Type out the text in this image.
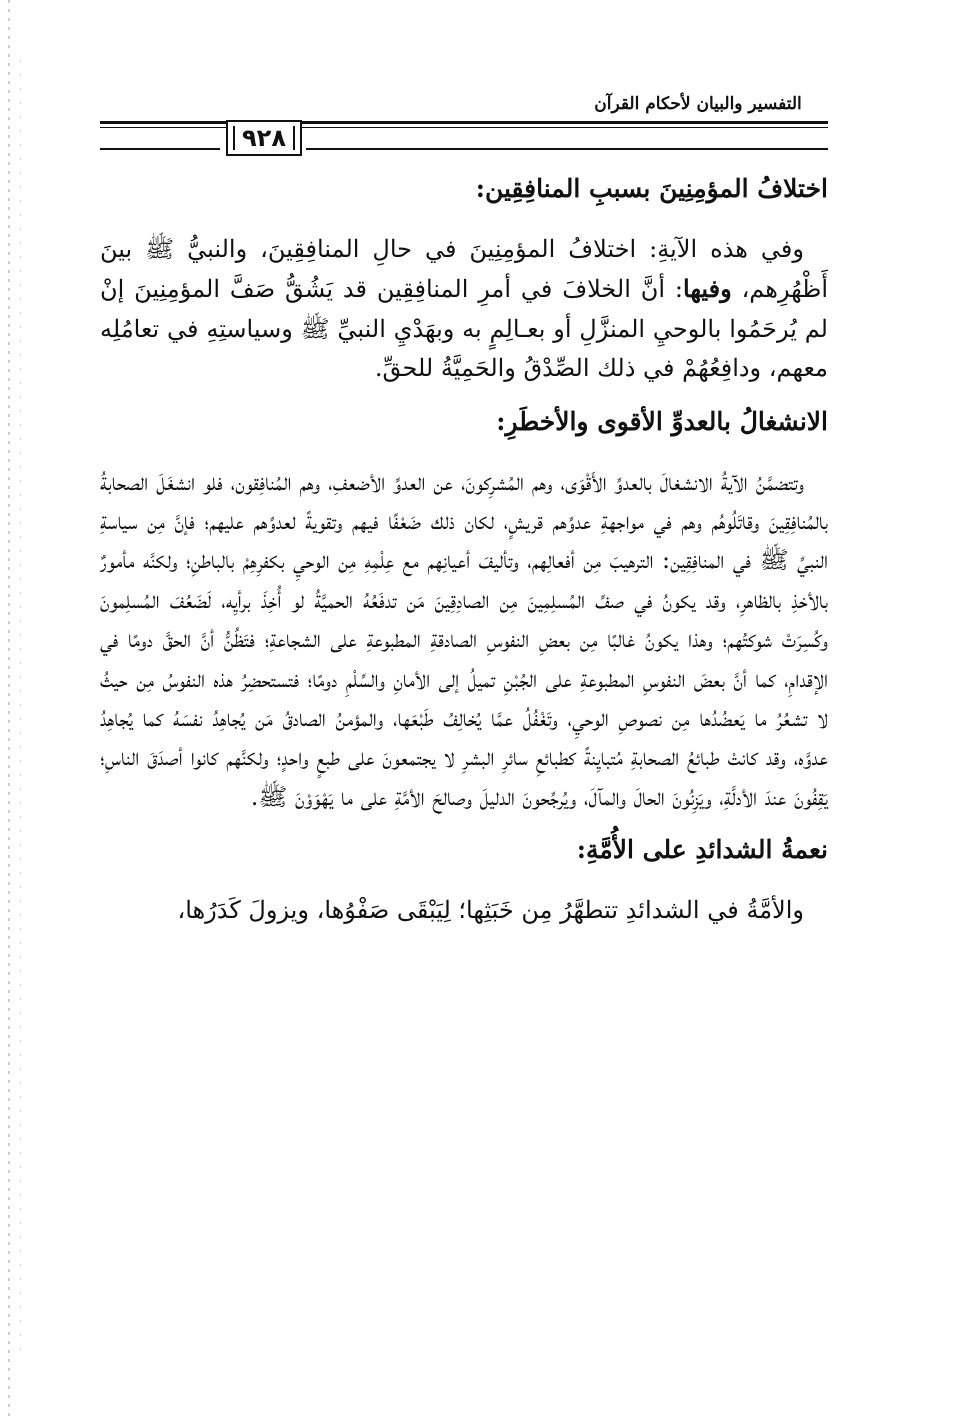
التفسير والبيان لأحكام القرآن
٩٢٨
اختلافُ المؤمِنِينَ بسببِ المنافِقِين:

وفي هذه الآيةِ: اختلافُ المؤمِنِينَ في حالِ المنافِقِينَ، والنبيُّ ﷺ بينَ أَظْهُرِهم، وفيها: أنَّ الخلافَ في أمرِ المنافِقِين قد يَشُقُّ صَفَّ المؤمِنِينَ إنْ لم يُرحَمُوا بالوحيِ المنزَّلِ أو بعـالِمٍ به وبهَدْيِ النبيِّ ﷺ وسياستِهِ في تعامُلِه معهم، ودافِعُهُمْ في ذلك الصِّدْقُ والحَمِيَّةُ للحقِّ.

الانشغالُ بالعدوِّ الأقوى والأخطَرِ:

وتتضمَّنُ الآيةُ الانشغالَ بالعدوِّ الأَقْوَى، وهم المُشرِكونَ، عن العدوِّ الأضعفِ، وهم المُنافِقون، فلو انشغَلَ الصحابةُ بالمُنافِقِينَ وقاتَلُوهُم وهم في مواجهةِ عدوِّهم قريشٍ، لكان ذلك ضَعْفًا فيهم وتقويةً لعدوِّهم عليهم؛ فإنَّ مِن سياسةِ النبيِّ ﷺ في المنافِقِين: الترهيبَ مِن أفعالِهم، وتأليفَ أعيانِهم مع عِلْمِهِ مِن الوحيِ بكفرِهِمْ بالباطنِ؛ ولكنَّه مأمورٌ بالأخذِ بالظاهرِ، وقد يكونُ في صفِّ المُسلِمِينَ مِن الصادِقِينَ مَن تدفَعُهُ الحميَّةُ لو أُخِذَ برأيِه، لَضَعُفَ المُسلِمونَ وكُسِرَتْ شوكتُهم؛ وهذا يكونُ غالبًا مِن بعضِ النفوسِ الصادقةِ المطبوعةِ على الشجاعةِ؛ فتَظُنُّ أنَّ الحقَّ دومًا في الإقدامِ، كما أنَّ بعضَ النفوسِ المطبوعةِ على الجُبْنِ تميلُ إلى الأمانِ والسِّلْمِ دومًا؛ فتستحضِرُ هذه النفوسُ مِن حيثُ لا تشعُرُ ما يَعضُدُها مِن نصوصِ الوحيِ، وتَغْفُلُ عمَّا يُخالِفُ طَبْعَها، والمؤمنُ الصادقُ مَن يُجاهِدُ نفسَهُ كما يُجاهِدُ عدوَّه، وقد كانتْ طبائعُ الصحابةِ مُتبايِنةً كطبائعِ سائرِ البشرِ لا يجتمعونَ على طبعٍ واحدٍ؛ ولكنَّهم كانوا أصدَقَ الناسِ؛ يَقِفُونَ عندَ الأدلَّةِ، ويَزِنُونَ الحالَ والمآلَ، ويُرجِّحونَ الدليلَ وصالحَ الأمَّةِ على ما يَهْوَوْنَ ﷺ.

نعمةُ الشدائدِ على الأُمَّةِ:

والأمَّةُ في الشدائدِ تتطهَّرُ مِن خَبَثِها؛ لِيَبْقَى صَفْوُها، ويزولَ كَدَرُها،
